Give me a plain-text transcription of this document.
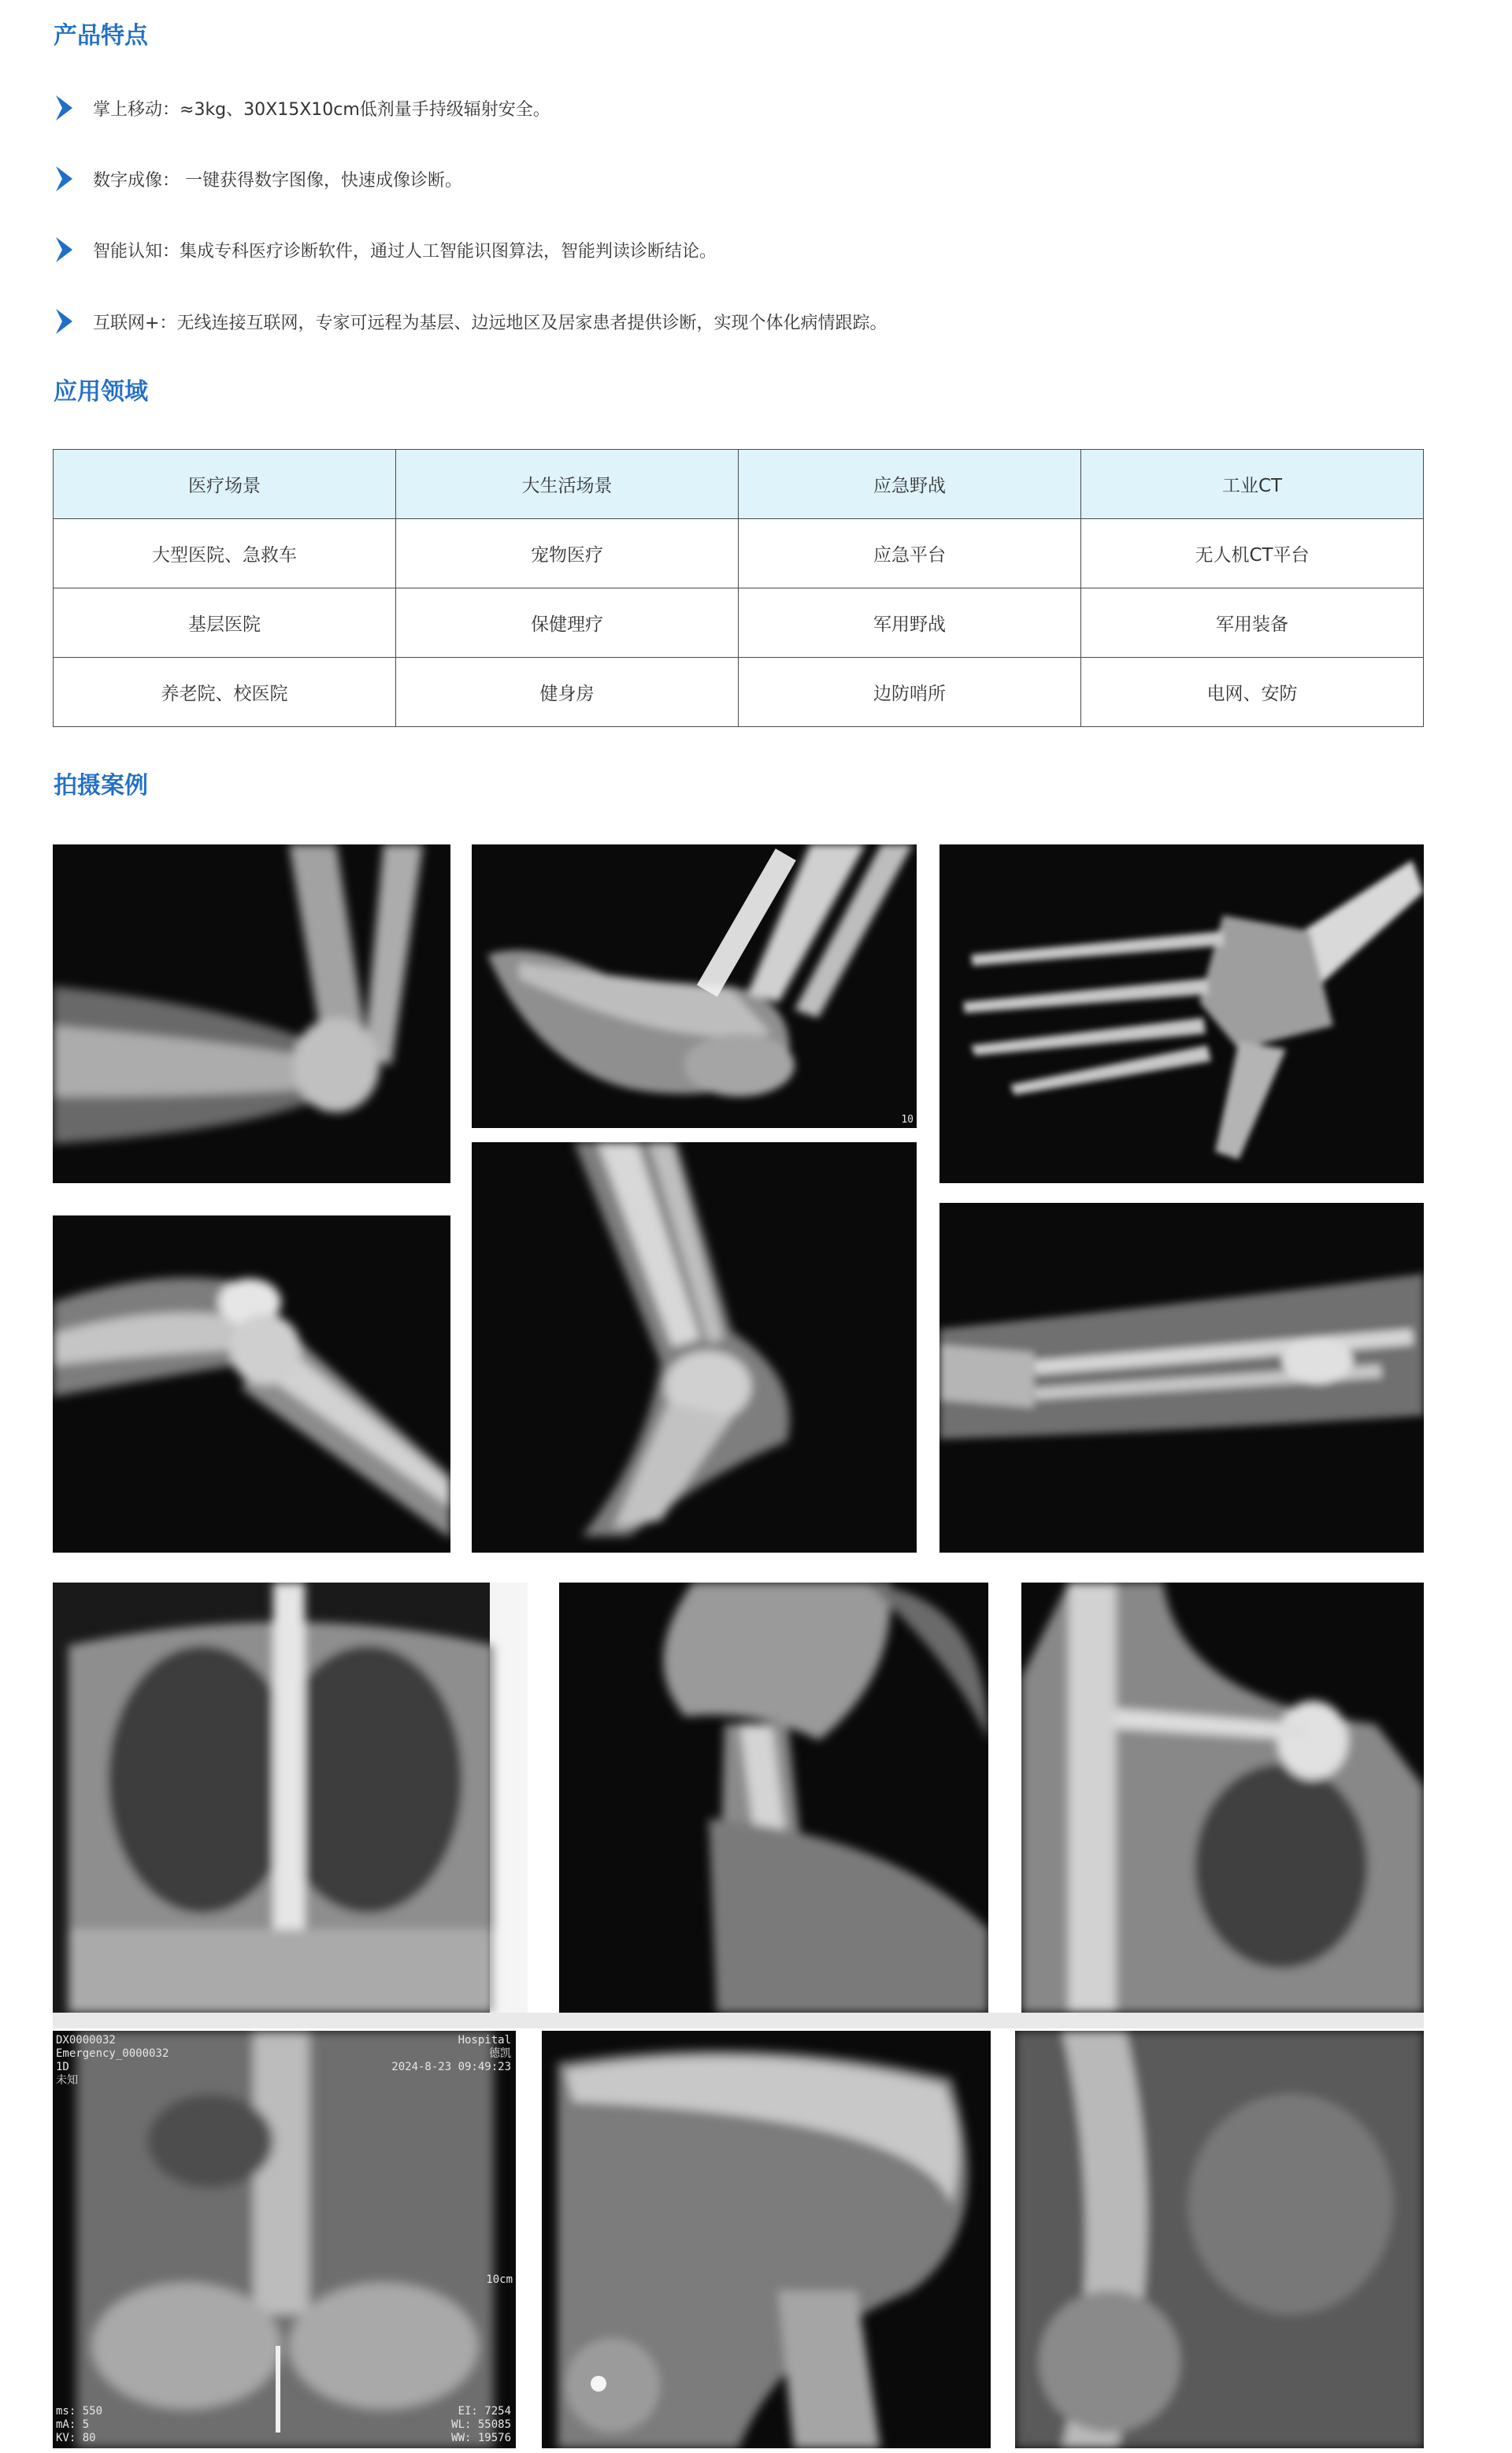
产品特点
掌上移动： ≈3kg、30X15X10cm低剂量手持级辐射安全。
数字成像： 一键获得数字图像，快速成像诊断。
智能认知： 集成专科医疗诊断软件，通过人工智能识图算法，智能判读诊断结论。
互联网+： 无线连接互联网，专家可远程为基层、边远地区及居家患者提供诊断，实现个体化病情跟踪。
应用领域
医疗场景	大生活场景	应急野战	工业CT
大型医院、急救车	宠物医疗	应急平台	无人机CT平台
基层医院	保健理疗	军用野战	军用装备
养老院、校医院	健身房	边防哨所	电网、安防
拍摄案例
10
DX0000032
Emergency_0000032
1D
未知
Hospital
德凯
2024-8-23 09:49:23
10cm
ms: 550
mA: 5
KV: 80
EI: 7254
WL: 55085
WW: 19576
